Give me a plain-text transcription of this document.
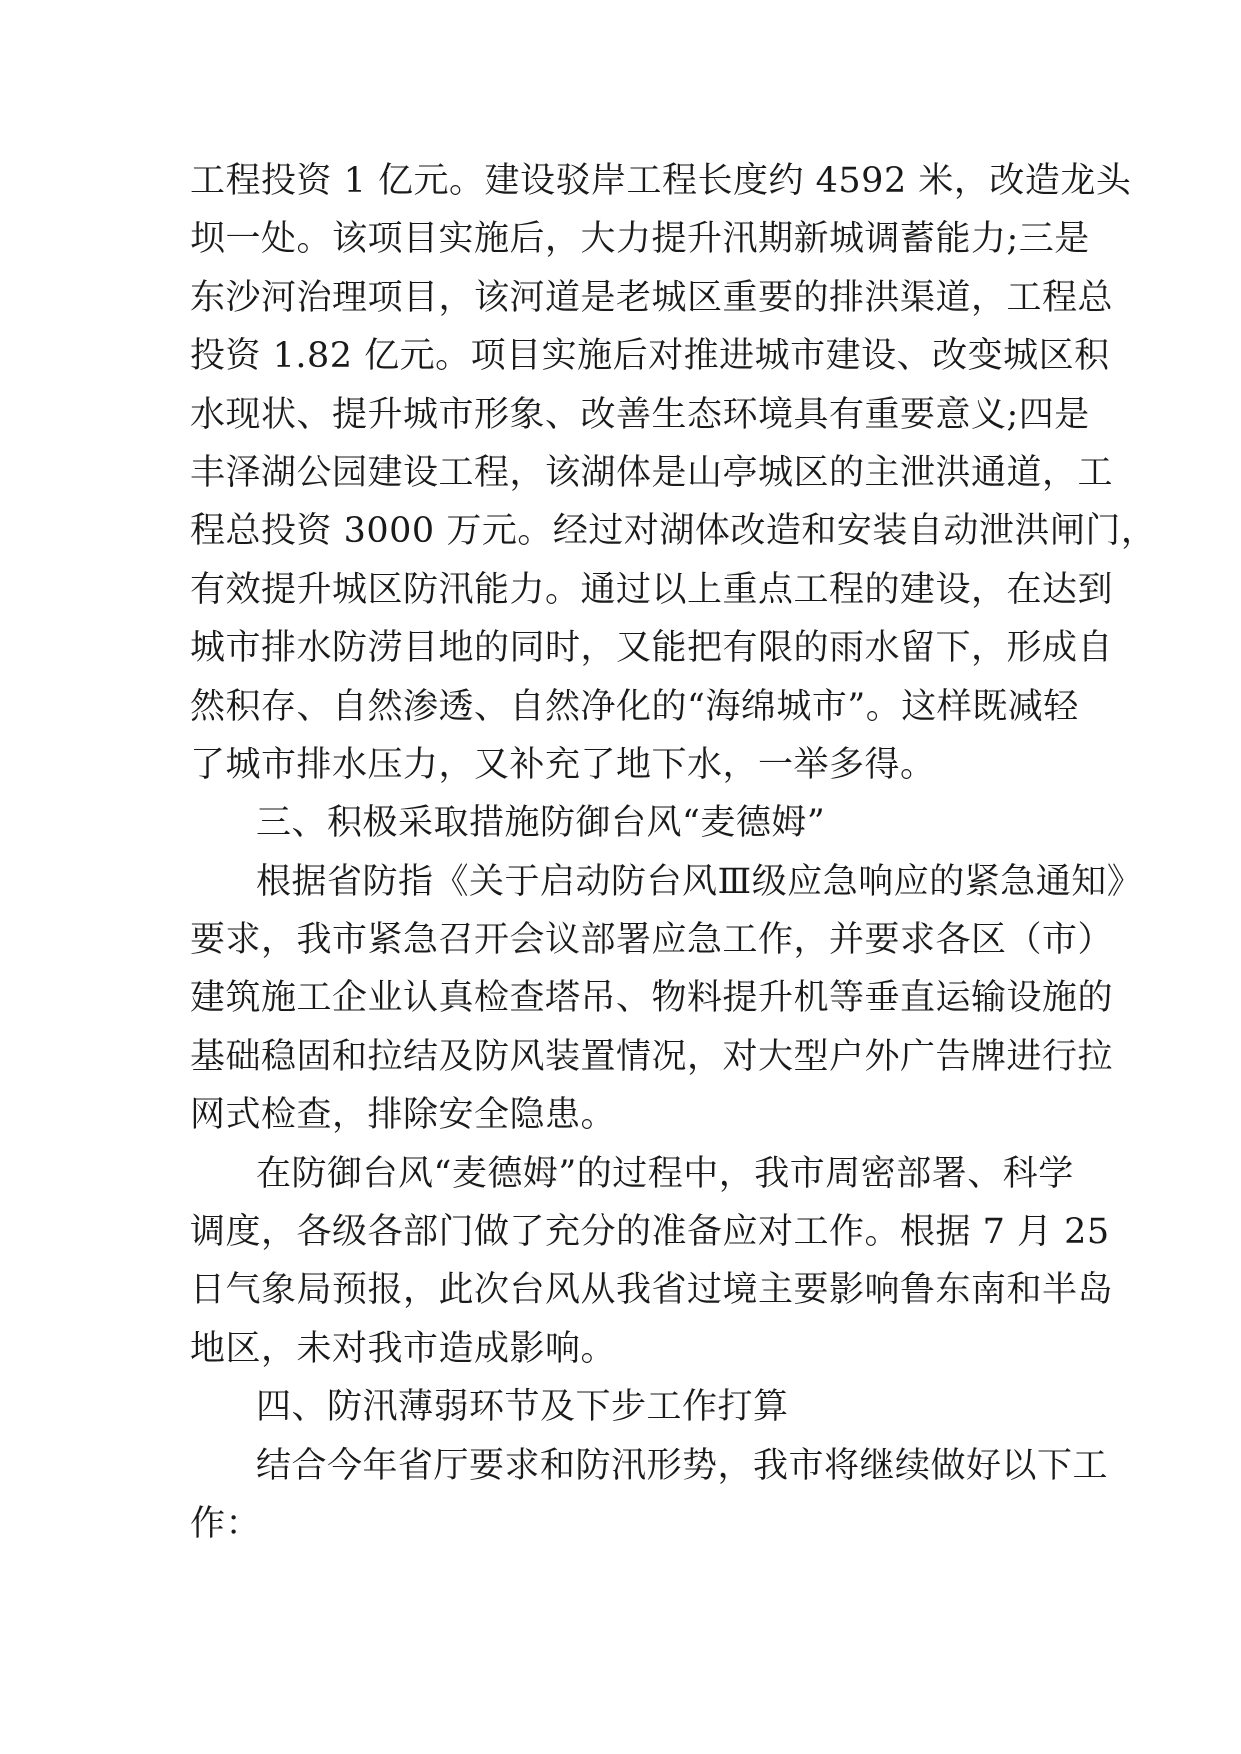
工程投资 1 亿元。建设驳岸工程长度约 4592 米，改造龙头
坝一处。该项目实施后，大力提升汛期新城调蓄能力;三是
东沙河治理项目，该河道是老城区重要的排洪渠道，工程总
投资 1.82 亿元。项目实施后对推进城市建设、改变城区积
水现状、提升城市形象、改善生态环境具有重要意义;四是
丰泽湖公园建设工程，该湖体是山亭城区的主泄洪通道，工
程总投资 3000 万元。经过对湖体改造和安装自动泄洪闸门，
有效提升城区防汛能力。通过以上重点工程的建设，在达到
城市排水防涝目地的同时，又能把有限的雨水留下，形成自
然积存、自然渗透、自然净化的“海绵城市”。这样既减轻
了城市排水压力，又补充了地下水，一举多得。
三、积极采取措施防御台风“麦德姆”
根据省防指《关于启动防台风Ⅲ级应急响应的紧急通知》
要求，我市紧急召开会议部署应急工作，并要求各区（市）
建筑施工企业认真检查塔吊、物料提升机等垂直运输设施的
基础稳固和拉结及防风装置情况，对大型户外广告牌进行拉
网式检查，排除安全隐患。
在防御台风“麦德姆”的过程中，我市周密部署、科学
调度，各级各部门做了充分的准备应对工作。根据 7 月 25
日气象局预报，此次台风从我省过境主要影响鲁东南和半岛
地区，未对我市造成影响。
四、防汛薄弱环节及下步工作打算
结合今年省厅要求和防汛形势，我市将继续做好以下工
作：
